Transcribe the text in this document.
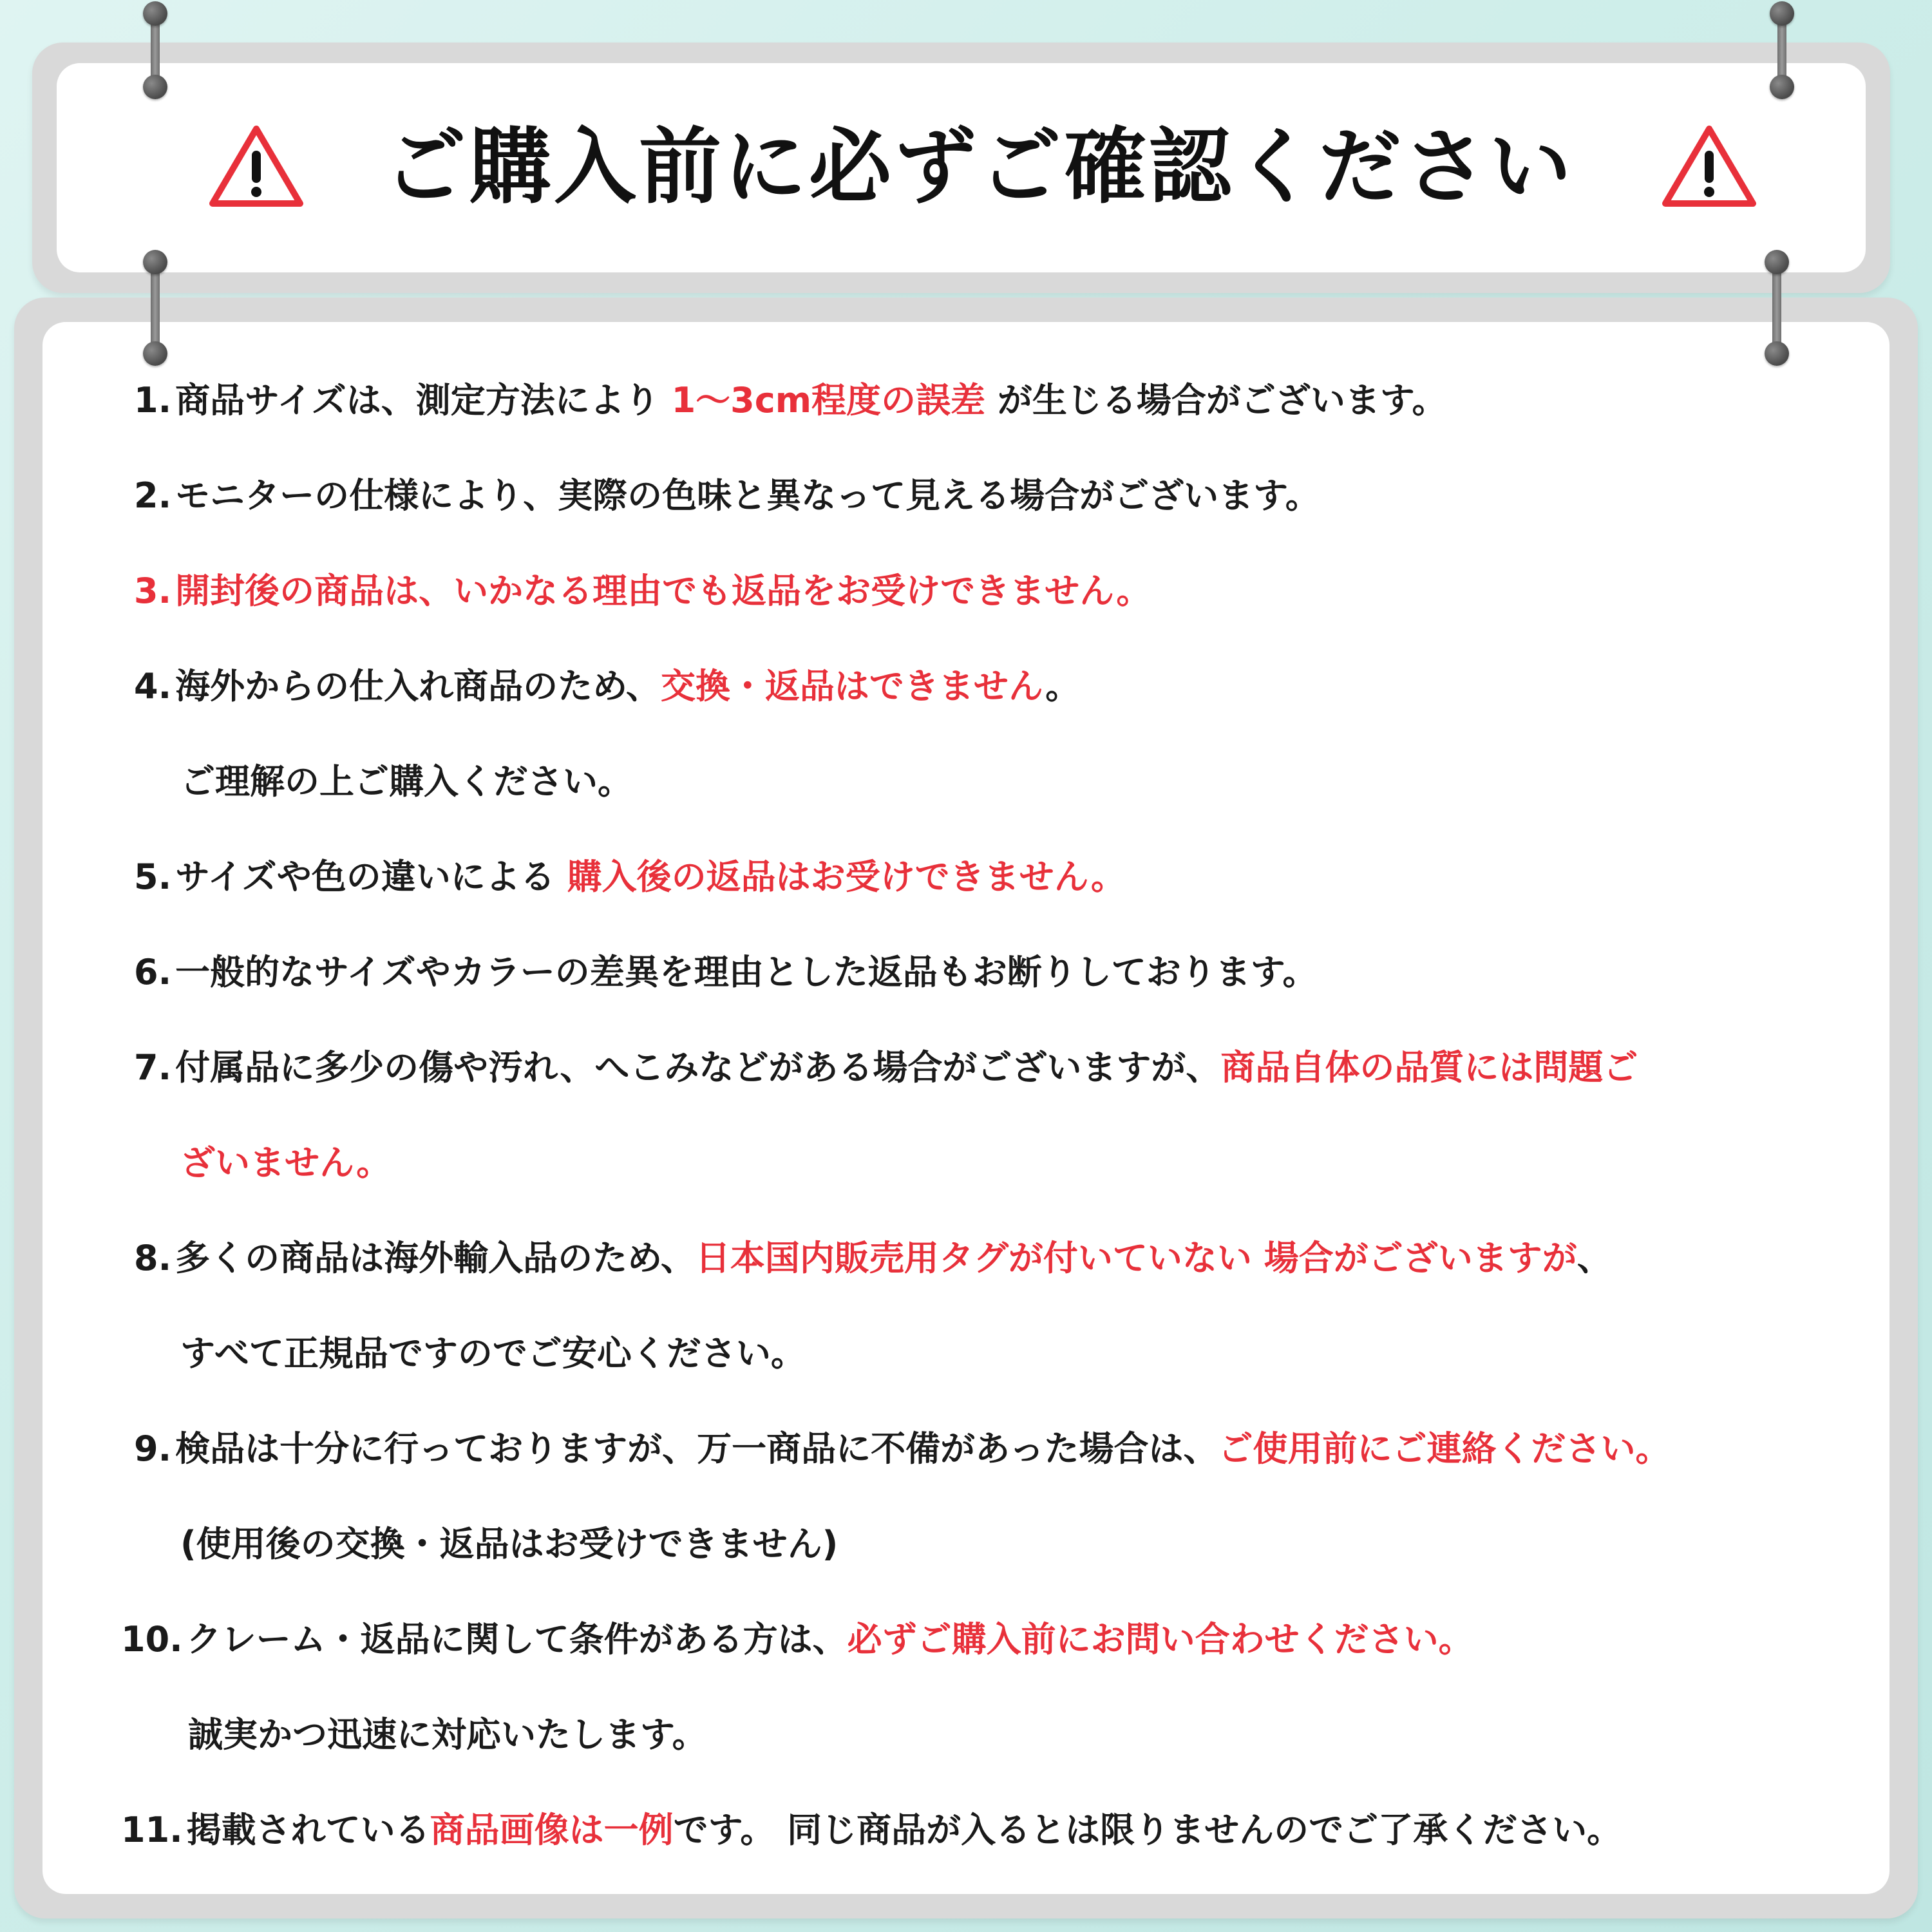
ご購入前に必ずご確認ください
1. 商品サイズは、測定方法により 1〜3cm程度の誤差 が生じる場合がございます。
2. モニターの仕様により、実際の色味と異なって見える場合がございます。
3. 開封後の商品は、いかなる理由でも返品をお受けできません。
4. 海外からの仕入れ商品のため、交換・返品はできません。
ご理解の上ご購入ください。
5. サイズや色の違いによる 購入後の返品はお受けできません。
6. 一般的なサイズやカラーの差異を理由とした返品もお断りしております。
7. 付属品に多少の傷や汚れ、へこみなどがある場合がございますが、商品自体の品質には問題ご
ざいません。
8. 多くの商品は海外輸入品のため、日本国内販売用タグが付いていない 場合がございますが、
すべて正規品ですのでご安心ください。
9. 検品は十分に行っておりますが、万一商品に不備があった場合は、ご使用前にご連絡ください。
(使用後の交換・返品はお受けできません)
10. クレーム・返品に関して条件がある方は、必ずご購入前にお問い合わせください。
誠実かつ迅速に対応いたします。
11. 掲載されている商品画像は一例です。 同じ商品が入るとは限りませんのでご了承ください。
